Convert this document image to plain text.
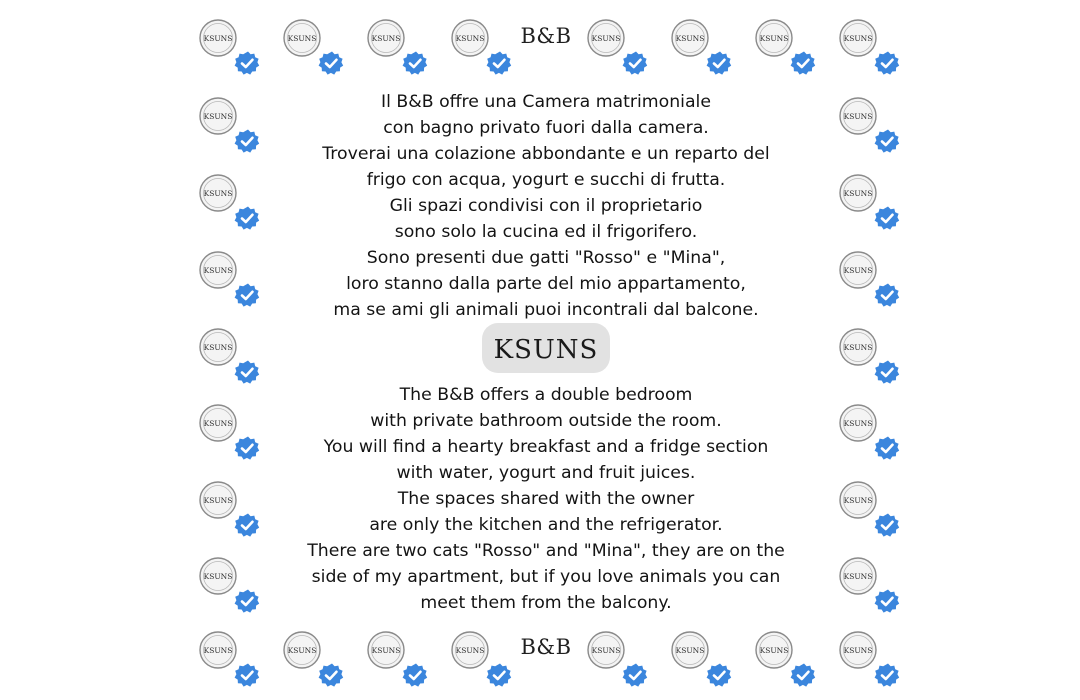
KSUNS	KSUNS	KSUNS	KSUNS	KSUNS	KSUNS	KSUNS	KSUNS
KSUNS	KSUNS	KSUNS	KSUNS	KSUNS	KSUNS	KSUNS	KSUNS
KSUNS	KSUNS
KSUNS	KSUNS
KSUNS	KSUNS
KSUNS	KSUNS
KSUNS	KSUNS
KSUNS	KSUNS
KSUNS	KSUNS
B&B
B&B
Il B&B offre una Camera matrimoniale
con bagno privato fuori dalla camera.
Troverai una colazione abbondante e un reparto del
frigo con acqua, yogurt e succhi di frutta.
Gli spazi condivisi con il proprietario
sono solo la cucina ed il frigorifero.
Sono presenti due gatti "Rosso" e "Mina",
loro stanno dalla parte del mio appartamento,
ma se ami gli animali puoi incontrali dal balcone.
KSUNS
The B&B offers a double bedroom
with private bathroom outside the room.
You will find a hearty breakfast and a fridge section
with water, yogurt and fruit juices.
The spaces shared with the owner
are only the kitchen and the refrigerator.
There are two cats "Rosso" and "Mina", they are on the
side of my apartment, but if you love animals you can
meet them from the balcony.
